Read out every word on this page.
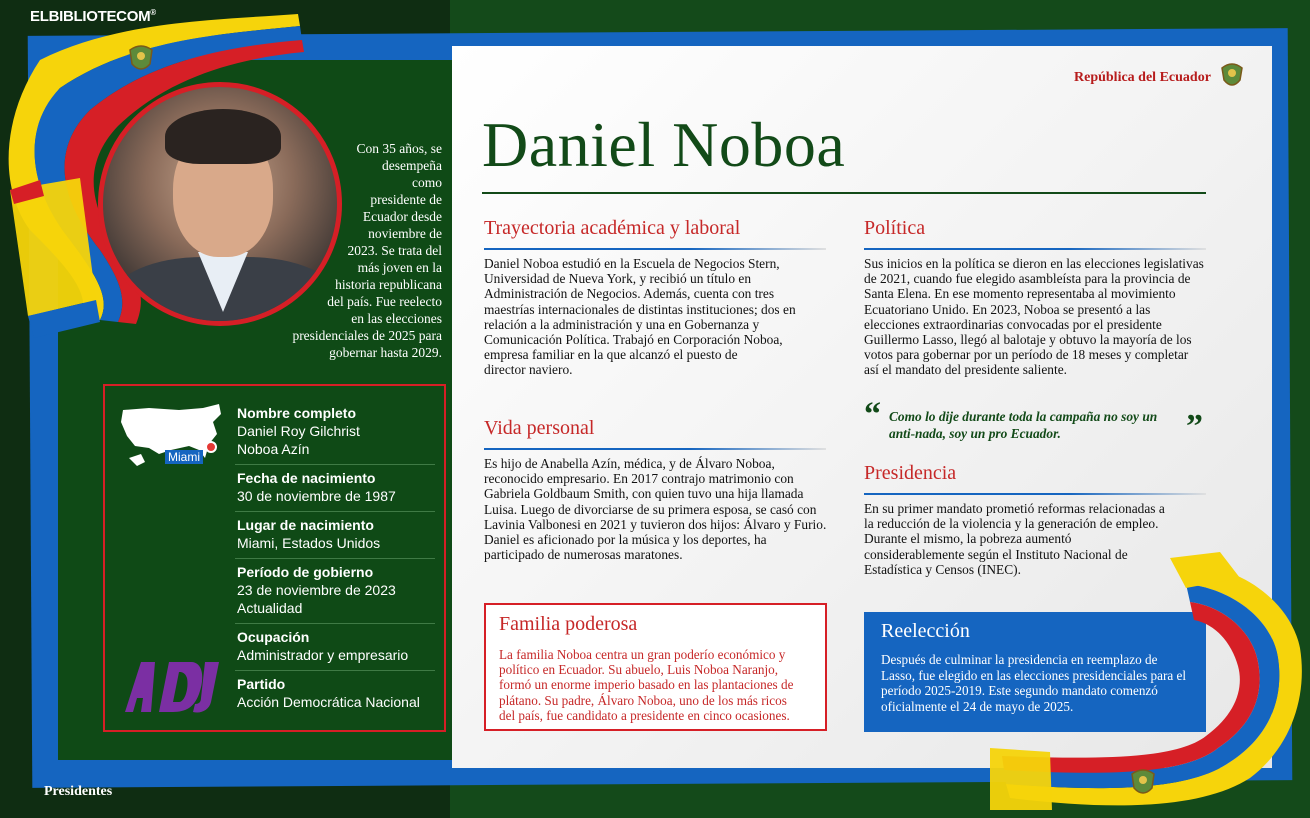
ELBIBLIOTECOM®
Con 35 años, se
desempeña
como
presidente de
Ecuador desde
noviembre de
2023. Se trata del
más joven en la
historia republicana
del país. Fue reelecto
en las elecciones
presidenciales de 2025 para
gobernar hasta 2029.
Miami
Nombre completo
Daniel Roy Gilchrist
Noboa Azín
Fecha de nacimiento
30 de noviembre de 1987
Lugar de nacimiento
Miami, Estados Unidos
Período de gobierno
23 de noviembre de 2023
Actualidad
Ocupación
Administrador y empresario
Partido
Acción Democrática Nacional
Presidentes
República del Ecuador
Daniel Noboa
Trayectoria académica y laboral
Daniel Noboa estudió en la Escuela de Negocios Stern,
Universidad de Nueva York, y recibió un título en
Administración de Negocios. Además, cuenta con tres
maestrías internacionales de distintas instituciones; dos en
relación a la administración y una en Gobernanza y
Comunicación Política. Trabajó en Corporación Noboa,
empresa familiar en la que alcanzó el puesto de
director naviero.
Vida personal
Es hijo de Anabella Azín, médica, y de Álvaro Noboa,
reconocido empresario. En 2017 contrajo matrimonio con
Gabriela Goldbaum Smith, con quien tuvo una hija llamada
Luisa. Luego de divorciarse de su primera esposa, se casó con
Lavinia Valbonesi en 2021 y tuvieron dos hijos: Álvaro y Furio.
Daniel es aficionado por la música y los deportes, ha
participado de numerosas maratones.
Familia poderosa
La familia Noboa centra un gran poderío económico y
político en Ecuador. Su abuelo, Luis Noboa Naranjo,
formó un enorme imperio basado en las plantaciones de
plátano. Su padre, Álvaro Noboa, uno de los más ricos
del país, fue candidato a presidente en cinco ocasiones.
Política
Sus inicios en la política se dieron en las elecciones legislativas
de 2021, cuando fue elegido asambleísta para la provincia de
Santa Elena. En ese momento representaba al movimiento
Ecuatoriano Unido. En 2023, Noboa se presentó a las
elecciones extraordinarias convocadas por el presidente
Guillermo Lasso, llegó al balotaje y obtuvo la mayoría de los
votos para gobernar por un período de 18 meses y completar
así el mandato del presidente saliente.
“ Como lo dije durante toda la campaña no soy un
anti-nada, soy un pro Ecuador.	”
Presidencia
En su primer mandato prometió reformas relacionadas a
la reducción de la violencia y la generación de empleo.
Durante el mismo, la pobreza aumentó
considerablemente según el Instituto Nacional de
Estadística y Censos (INEC).
Reelección
Después de culminar la presidencia en reemplazo de
Lasso, fue elegido en las elecciones presidenciales para el
período 2025-2019. Este segundo mandato comenzó
oficialmente el 24 de mayo de 2025.
